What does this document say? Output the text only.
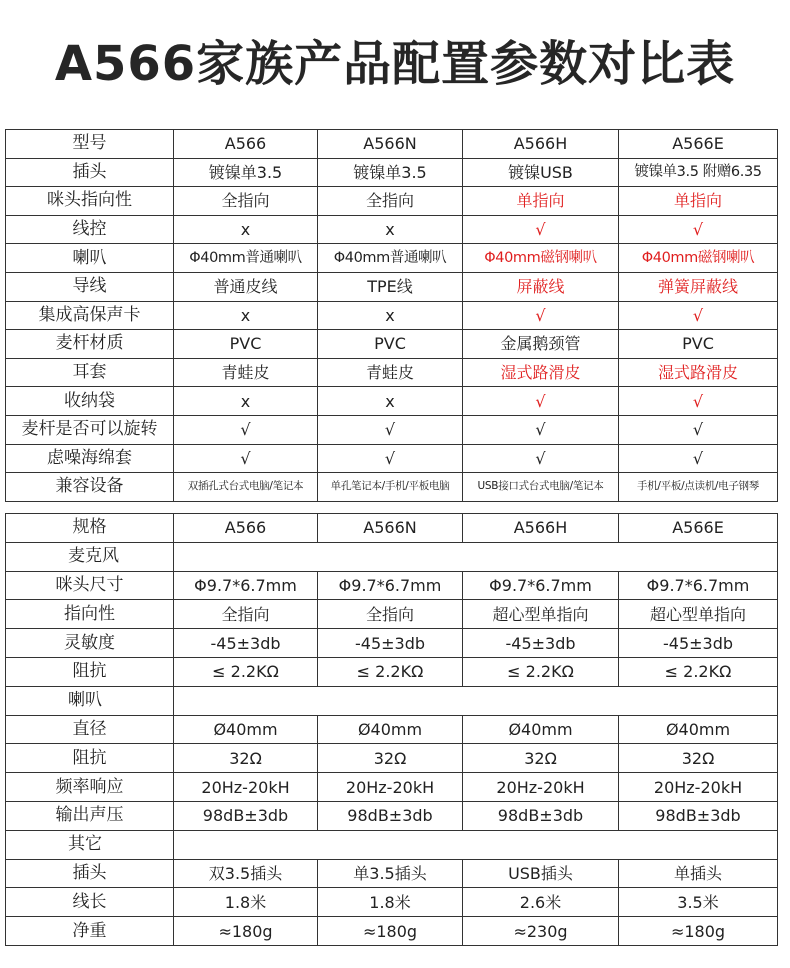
A566家族产品配置参数对比表
型号	A566	A566N	A566H	A566E
插头	镀镍单3.5	镀镍单3.5	镀镍USB	镀镍单3.5 附赠6.35
咪头指向性	全指向	全指向	单指向	单指向
线控	x	x	√	√
喇叭	Φ40mm普通喇叭	Φ40mm普通喇叭	Φ40mm磁钢喇叭	Φ40mm磁钢喇叭
导线	普通皮线	TPE线	屏蔽线	弹簧屏蔽线
集成高保声卡	x	x	√	√
麦杆材质	PVC	PVC	金属鹅颈管	PVC
耳套	青蛙皮	青蛙皮	湿式路滑皮	湿式路滑皮
收纳袋	x	x	√	√
麦杆是否可以旋转	√	√	√	√
虑噪海绵套	√	√	√	√
兼容设备	双插孔式台式电脑/笔记本	单孔笔记本/手机/平板电脑	USB接口式台式电脑/笔记本	手机/平板/点读机/电子钢琴
规格	A566	A566N	A566H	A566E
麦克风				
咪头尺寸	Φ9.7*6.7mm	Φ9.7*6.7mm	Φ9.7*6.7mm	Φ9.7*6.7mm
指向性	全指向	全指向	超心型单指向	超心型单指向
灵敏度	-45±3db	-45±3db	-45±3db	-45±3db
阻抗	≤ 2.2KΩ	≤ 2.2KΩ	≤ 2.2KΩ	≤ 2.2KΩ
喇叭				
直径	Ø40mm	Ø40mm	Ø40mm	Ø40mm
阻抗	32Ω	32Ω	32Ω	32Ω
频率响应	20Hz-20kH	20Hz-20kH	20Hz-20kH	20Hz-20kH
输出声压	98dB±3db	98dB±3db	98dB±3db	98dB±3db
其它				
插头	双3.5插头	单3.5插头	USB插头	单插头
线长	1.8米	1.8米	2.6米	3.5米
净重	≈180g	≈180g	≈230g	≈180g
